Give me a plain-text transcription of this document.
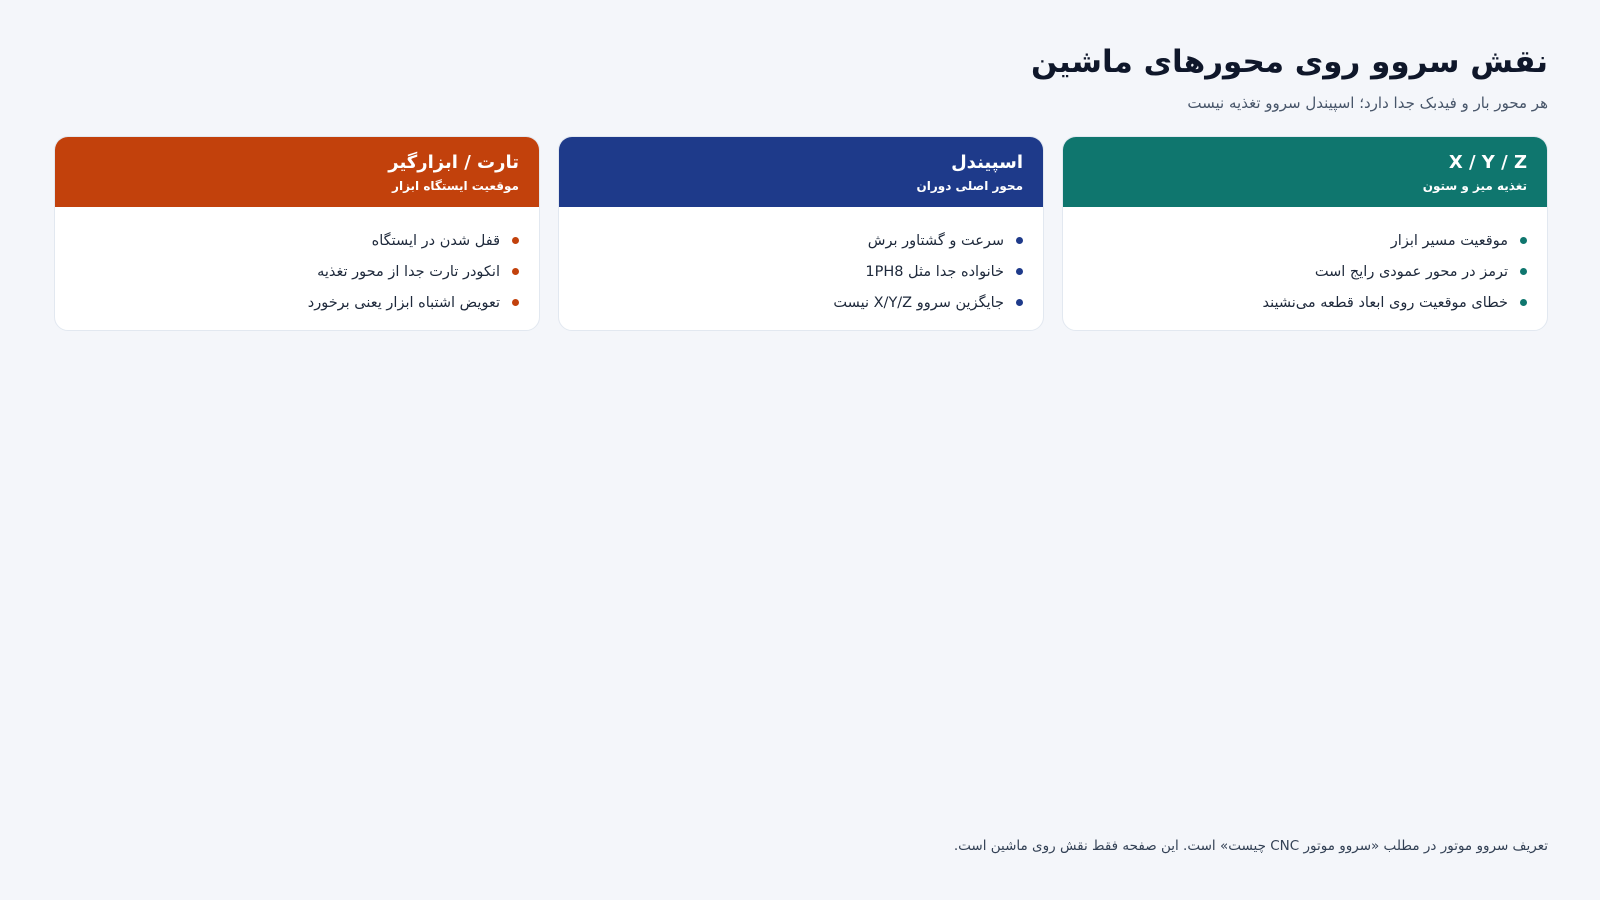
نقش سروو روی محورهای ماشین

هر محور بار و فیدبک جدا دارد؛ اسپیندل سروو تغذیه نیست

X / Y / Z
تغذیه میز و ستون
موقعیت مسیر ابزار
ترمز در محور عمودی رایج است
خطای موقعیت روی ابعاد قطعه می‌نشیند
اسپیندل
محور اصلی دوران
سرعت و گشتاور برش
خانواده جدا مثل 1PH8
جایگزین سروو X/Y/Z نیست
تارت / ابزارگیر
موقعیت ایستگاه ابزار
قفل شدن در ایستگاه
انکودر تارت جدا از محور تغذیه
تعویض اشتباه ابزار یعنی برخورد

تعریف سروو موتور در مطلب «سروو موتور CNC چیست» است. این صفحه فقط نقش روی ماشین است.
